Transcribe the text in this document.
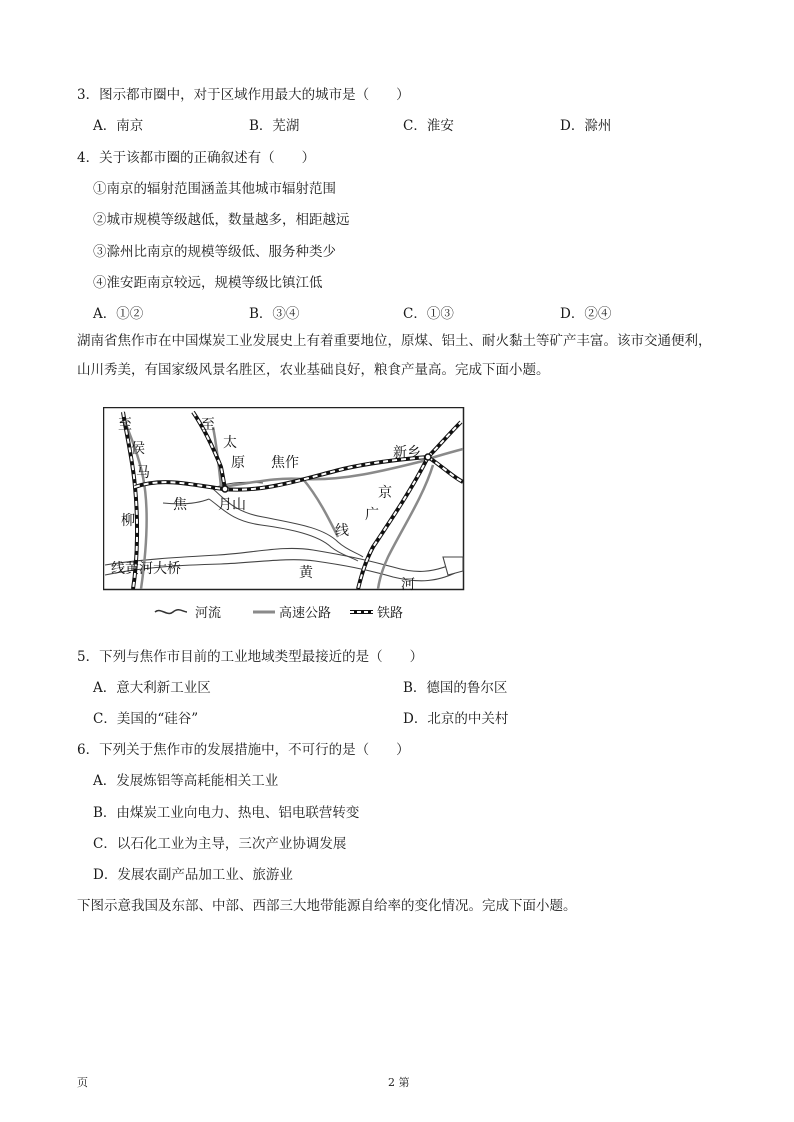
3．图示都市圈中，对于区域作用最大的城市是（　　）
A．南京	B．芜湖	C．淮安	D．滁州
4．关于该都市圈的正确叙述有（　　）
①南京的辐射范围涵盖其他城市辐射范围
②城市规模等级越低，数量越多，相距越远
③滁州比南京的规模等级低、服务种类少
④淮安距南京较远，规模等级比镇江低
A．①②	B．③④	C．①③	D．②④
湖南省焦作市在中国煤炭工业发展史上有着重要地位，原煤、铝土、耐火黏土等矿产丰富。该市交通便利，山川秀美，有国家级风景名胜区，农业基础良好，粮食产量高。完成下面小题。
至
侯
马
柳
至
太
原 焦作
月山
焦
新乡
京
广
线
黄
河
线黄河大桥
河流	高速公路	铁路
5．下列与焦作市目前的工业地域类型最接近的是（　　）
A．意大利新工业区	B．德国的鲁尔区
C．美国的“硅谷”	D．北京的中关村
6．下列关于焦作市的发展措施中，不可行的是（　　）
A．发展炼铝等高耗能相关工业
B．由煤炭工业向电力、热电、铝电联营转变
C．以石化工业为主导，三次产业协调发展
D．发展农副产品加工业、旅游业
下图示意我国及东部、中部、西部三大地带能源自给率的变化情况。完成下面小题。
页	2 第
